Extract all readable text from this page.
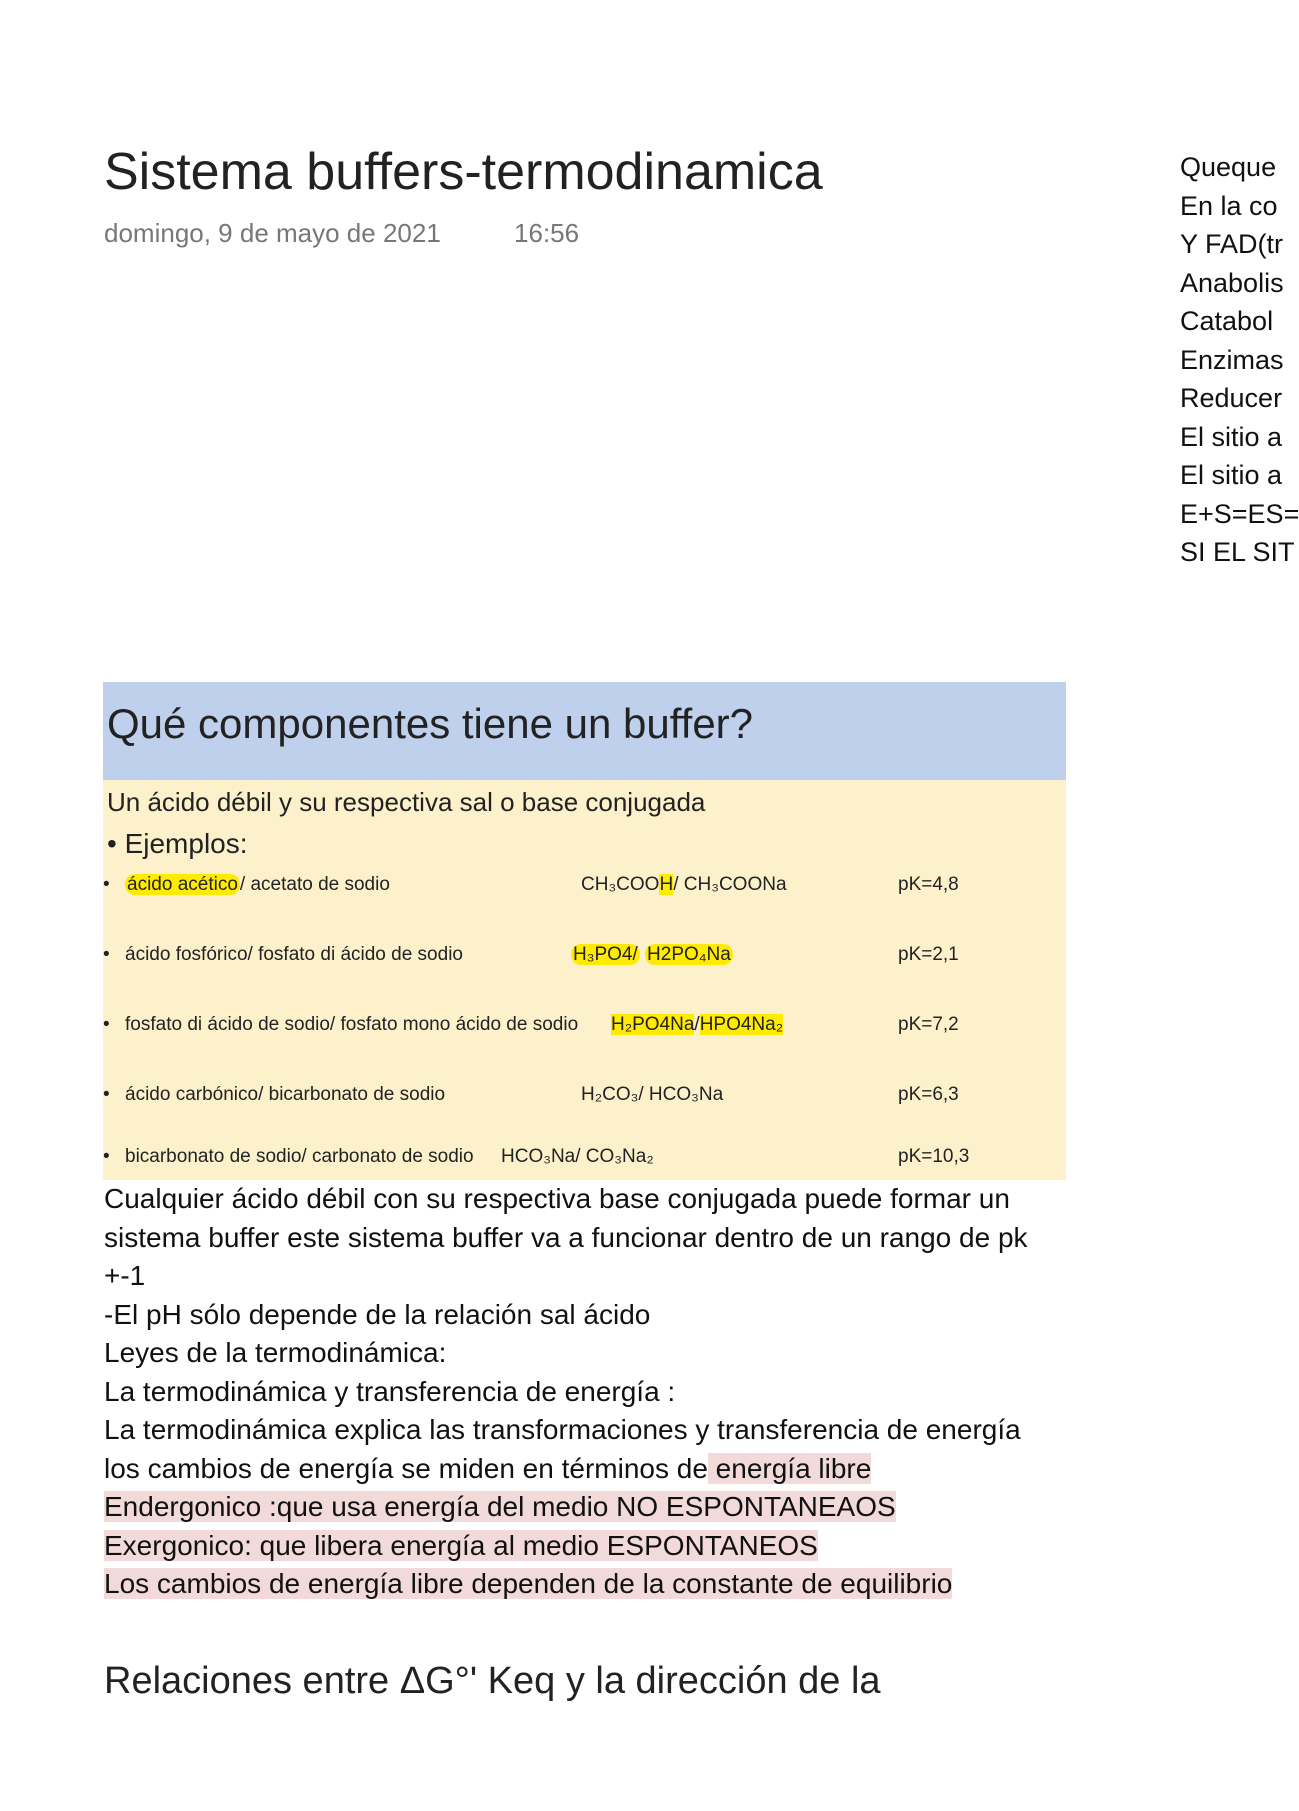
Sistema buffers-termodinamica
domingo, 9 de mayo de 2021	16:56
Queque
En la co
Y FAD(tr
Anabolis
Catabol
Enzimas
Reducer
El sitio a
El sitio a
E+S=ES=
SI EL SIT
Qué componentes tiene un buffer?
Un ácido débil y su respectiva sal o base conjugada
• Ejemplos:
• ácido acético / acetato de sodio	CH₃COOH/ CH₃COONa	pK=4,8
• ácido fosfórico/ fosfato di ácido de sodio	H₃PO4/ H2PO₄Na	pK=2,1
• fosfato di ácido de sodio/ fosfato mono ácido de sodio H₂PO4Na/HPO4Na₂	pK=7,2
• ácido carbónico/ bicarbonato de sodio	H₂CO₃/ HCO₃Na	pK=6,3
• bicarbonato de sodio/ carbonato de sodio HCO₃Na/ CO₃Na₂	pK=10,3
Cualquier ácido débil con su respectiva base conjugada puede formar un
sistema buffer este sistema buffer va a funcionar dentro de un rango de pk
+-1
-El pH sólo depende de la relación sal ácido
Leyes de la termodinámica:
La termodinámica y transferencia de energía :
La termodinámica explica las transformaciones y transferencia de energía
los cambios de energía se miden en términos de energía libre
Endergonico :que usa energía del medio NO ESPONTANEAOS
Exergonico: que libera energía al medio ESPONTANEOS
Los cambios de energía libre dependen de la constante de equilibrio
Relaciones entre ΔG°' Keq y la dirección de la
